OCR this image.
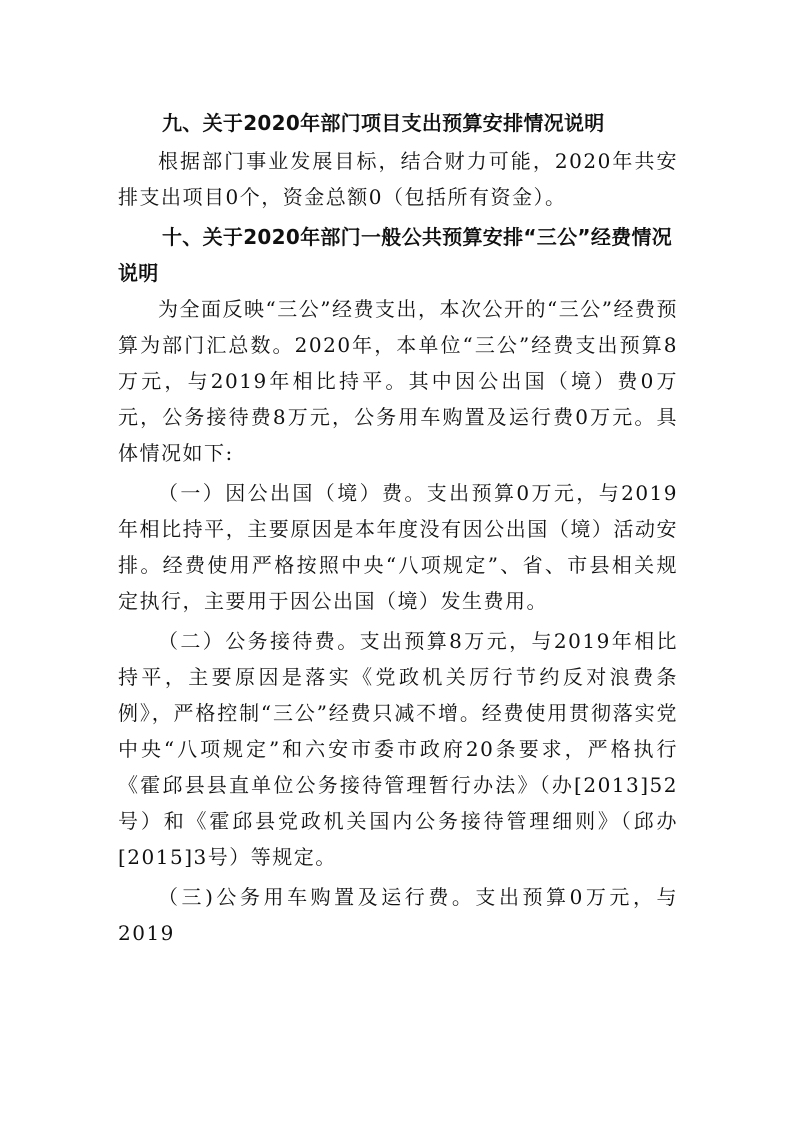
九、关于2020年部门项目支出预算安排情况说明

根据部门事业发展目标，结合财力可能，2020年共安排支出项目0个，资金总额0（包括所有资金）。

十、关于2020年部门一般公共预算安排“三公”经费情况说明

为全面反映“三公”经费支出，本次公开的“三公”经费预算为部门汇总数。2020年，本单位“三公”经费支出预算8万元，与2019年相比持平。其中因公出国（境）费0万元，公务接待费8万元，公务用车购置及运行费0万元。具体情况如下:

（一）因公出国（境）费。支出预算0万元，与2019年相比持平，主要原因是本年度没有因公出国（境）活动安排。经费使用严格按照中央“八项规定”、省、市县相关规定执行，主要用于因公出国（境）发生费用。

（二）公务接待费。支出预算8万元，与2019年相比持平，主要原因是落实《党政机关厉行节约反对浪费条例》，严格控制“三公”经费只减不增。经费使用贯彻落实党中央“八项规定”和六安市委市政府20条要求，严格执行《霍邱县县直单位公务接待管理暂行办法》（办[2013]52号）和《霍邱县党政机关国内公务接待管理细则》（邱办[2015]3号）等规定。

（三)公务用车购置及运行费。支出预算0万元，与2019
